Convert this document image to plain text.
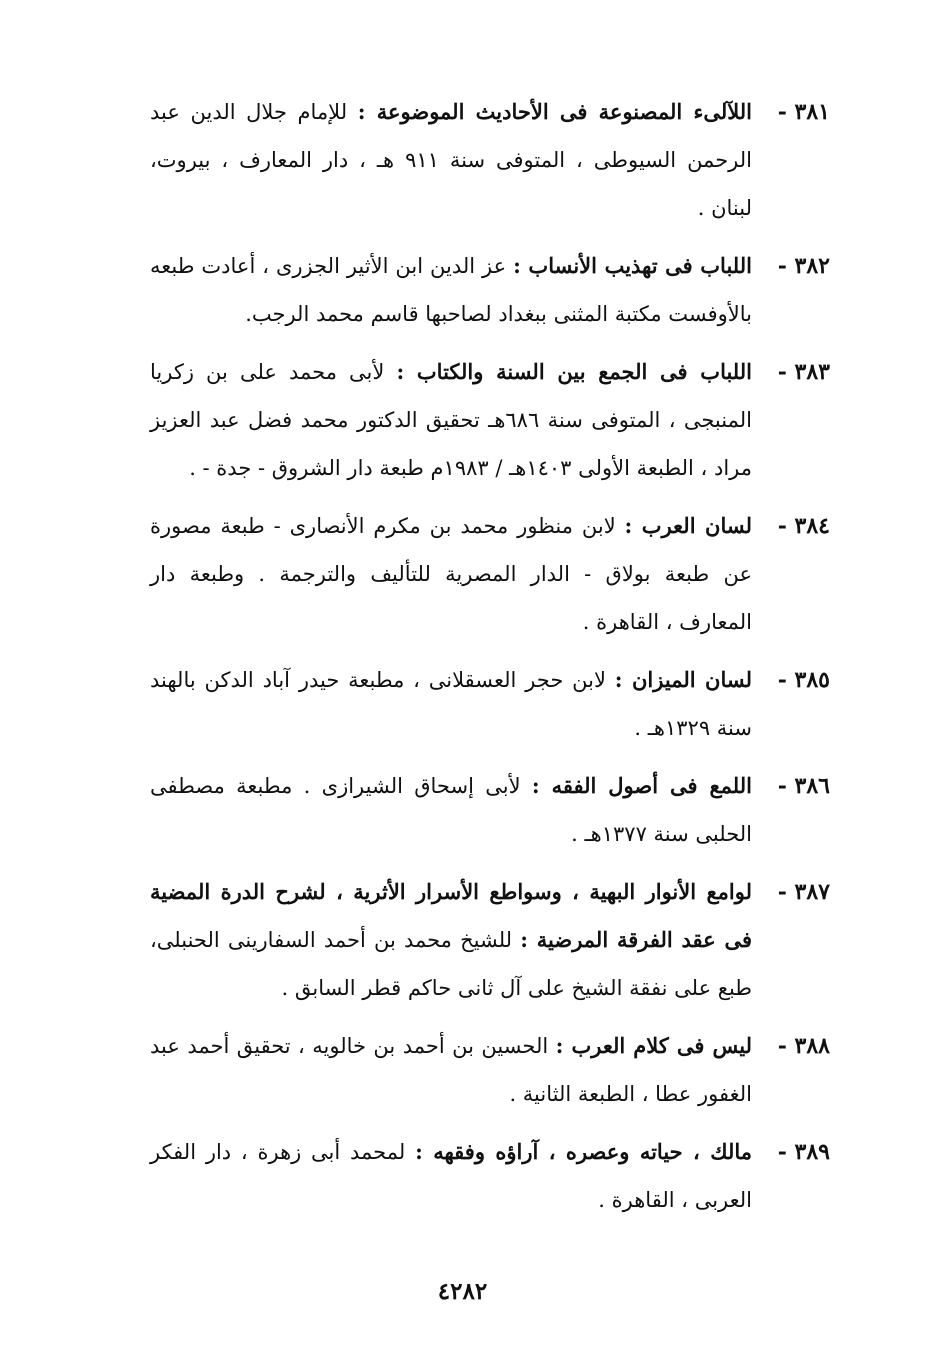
٣٨١ -
اللآلىء المصنوعة فى الأحاديث الموضوعة : للإمام جلال الدين عبد الرحمن السيوطى ، المتوفى سنة ٩١١ هـ ، دار المعارف ، بيروت، لبنان .
٣٨٢ -
اللباب فى تهذيب الأنساب : عز الدين ابن الأثير الجزرى ، أعادت طبعه بالأوفست مكتبة المثنى ببغداد لصاحبها قاسم محمد الرجب.
٣٨٣ -
اللباب فى الجمع بين السنة والكتاب : لأبى محمد على بن زكريا المنبجى ، المتوفى سنة ٦٨٦هـ تحقيق الدكتور محمد فضل عبد العزيز مراد ، الطبعة الأولى ١٤٠٣هـ / ١٩٨٣م طبعة دار الشروق - جدة - .
٣٨٤ -
لسان العرب : لابن منظور محمد بن مكرم الأنصارى - طبعة مصورة عن طبعة بولاق - الدار المصرية للتأليف والترجمة . وطبعة دار المعارف ، القاهرة .
٣٨٥ -
لسان الميزان : لابن حجر العسقلانى ، مطبعة حيدر آباد الدكن بالهند سنة ١٣٢٩هـ .
٣٨٦ -
اللمع فى أصول الفقه : لأبى إسحاق الشيرازى . مطبعة مصطفى الحلبى سنة ١٣٧٧هـ .
٣٨٧ -
لوامع الأنوار البهية ، وسواطع الأسرار الأثرية ، لشرح الدرة المضية فى عقد الفرقة المرضية : للشيخ محمد بن أحمد السفارينى الحنبلى، طبع على نفقة الشيخ على آل ثانى حاكم قطر السابق .
٣٨٨ -
ليس فى كلام العرب : الحسين بن أحمد بن خالويه ، تحقيق أحمد عبد الغفور عطا ، الطبعة الثانية .
٣٨٩ -
مالك ، حياته وعصره ، آراؤه وفقهه : لمحمد أبى زهرة ، دار الفكر العربى ، القاهرة .
٤٢٨٢
